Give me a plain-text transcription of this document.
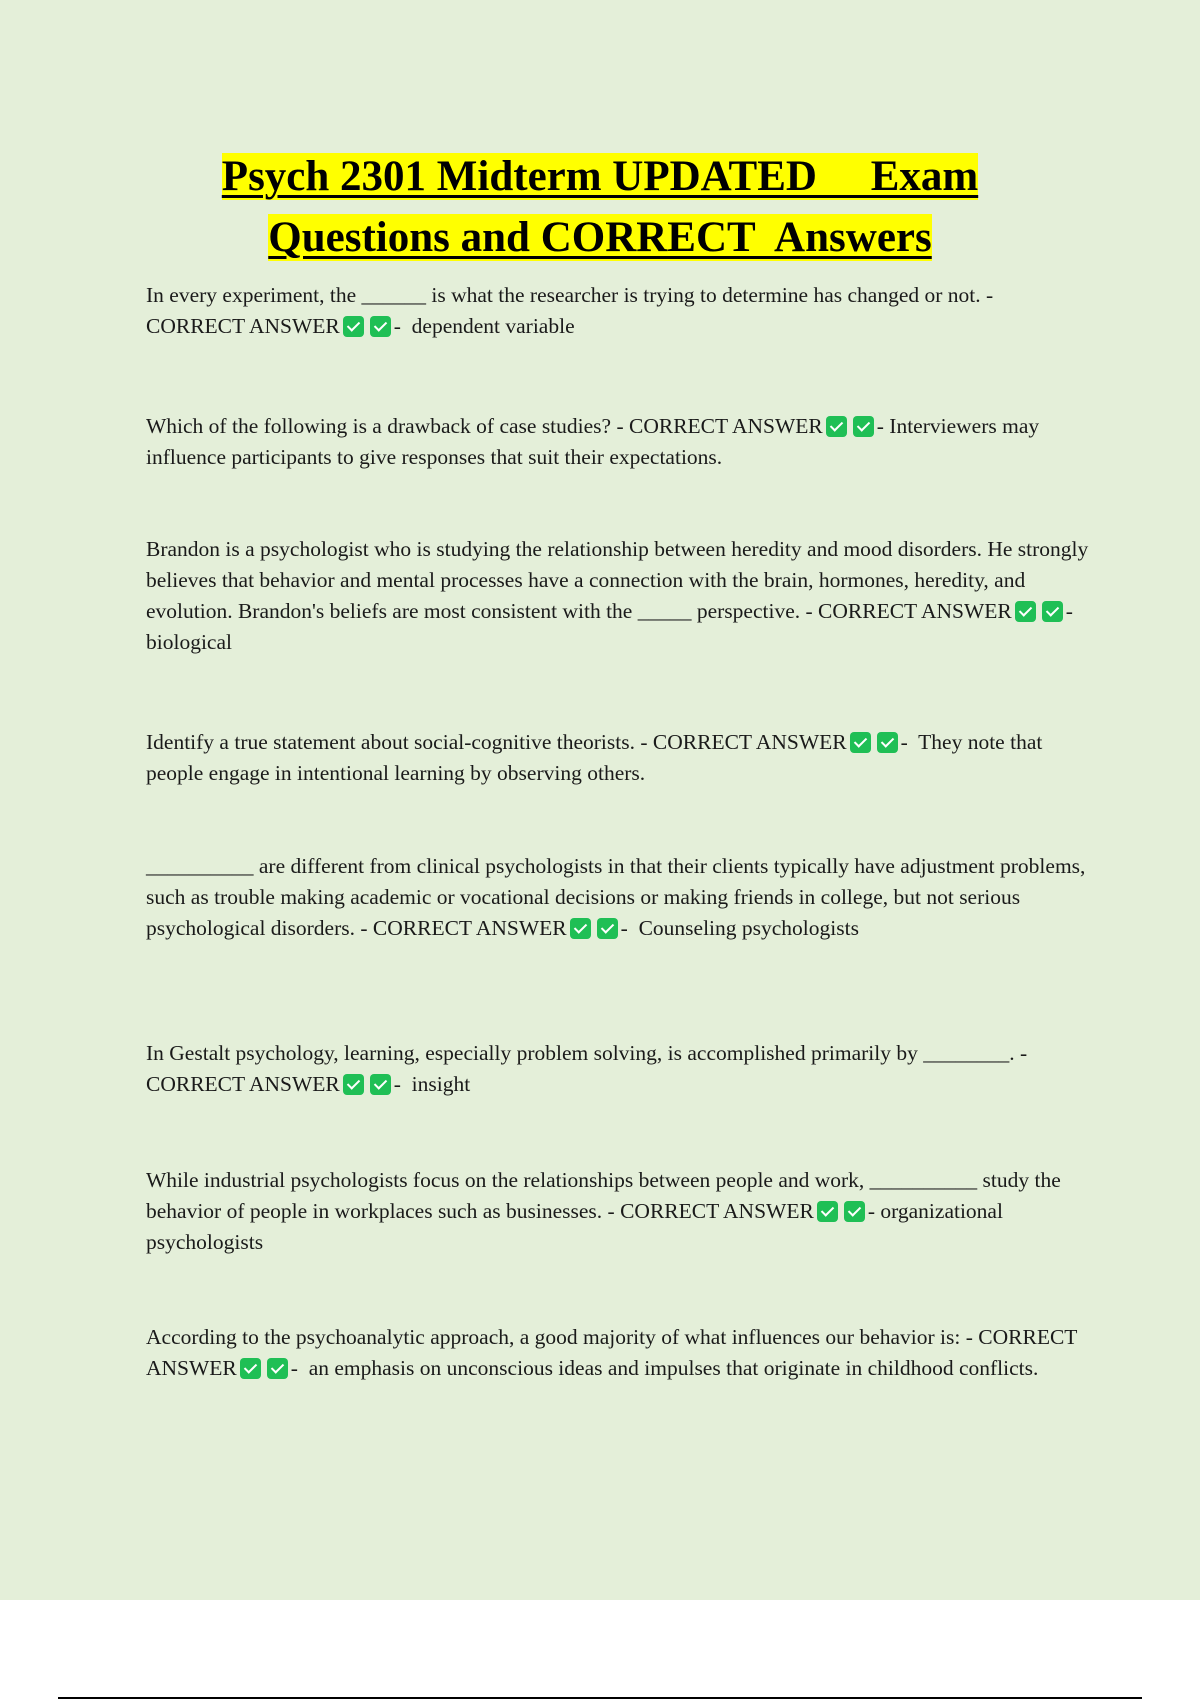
Psych 2301 Midterm UPDATED     Exam
Questions and CORRECT  Answers
In every experiment, the ______ is what the researcher is trying to determine has changed or not. - CORRECT ANSWER	-  dependent variable
Which of the following is a drawback of case studies? - CORRECT ANSWER	- Interviewers may influence participants to give responses that suit their expectations.
Brandon is a psychologist who is studying the relationship between heredity and mood disorders. He strongly believes that behavior and mental processes have a connection with the brain, hormones, heredity, and evolution. Brandon's beliefs are most consistent with the _____ perspective. - CORRECT ANSWER	-  biological
Identify a true statement about social-cognitive theorists. - CORRECT ANSWER	-  They note that people engage in intentional learning by observing others.
__________ are different from clinical psychologists in that their clients typically have adjustment problems, such as trouble making academic or vocational decisions or making friends in college, but not serious psychological disorders. - CORRECT ANSWER	-  Counseling psychologists
In Gestalt psychology, learning, especially problem solving, is accomplished primarily by ________. - CORRECT ANSWER	-  insight
While industrial psychologists focus on the relationships between people and work, __________ study the behavior of people in workplaces such as businesses. - CORRECT ANSWER	- organizational psychologists
According to the psychoanalytic approach, a good majority of what influences our behavior is: - CORRECT ANSWER	-  an emphasis on unconscious ideas and impulses that originate in childhood conflicts.
